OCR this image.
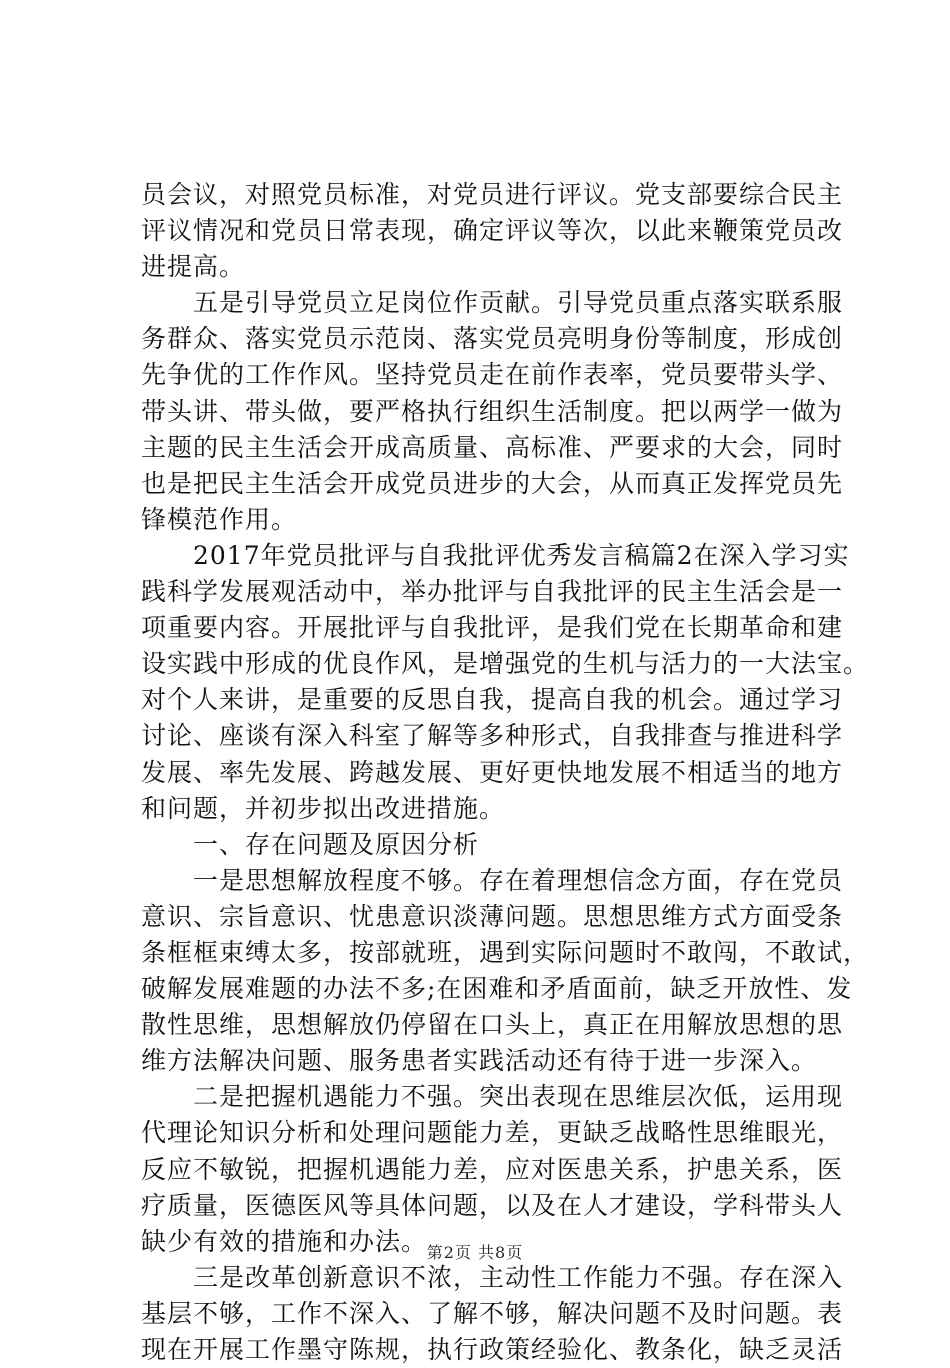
员会议，对照党员标准，对党员进行评议。党支部要综合民主
评议情况和党员日常表现，确定评议等次，以此来鞭策党员改
进提高。
　　五是引导党员立足岗位作贡献。引导党员重点落实联系服
务群众、落实党员示范岗、落实党员亮明身份等制度，形成创
先争优的工作作风。坚持党员走在前作表率，党员要带头学、
带头讲、带头做，要严格执行组织生活制度。把以两学一做为
主题的民主生活会开成高质量、高标准、严要求的大会，同时
也是把民主生活会开成党员进步的大会，从而真正发挥党员先
锋模范作用。
　　2017年党员批评与自我批评优秀发言稿篇2在深入学习实
践科学发展观活动中，举办批评与自我批评的民主生活会是一
项重要内容。开展批评与自我批评，是我们党在长期革命和建
设实践中形成的优良作风，是增强党的生机与活力的一大法宝。
对个人来讲，是重要的反思自我，提高自我的机会。通过学习
讨论、座谈有深入科室了解等多种形式，自我排查与推进科学
发展、率先发展、跨越发展、更好更快地发展不相适当的地方
和问题，并初步拟出改进措施。
　　一、存在问题及原因分析
　　一是思想解放程度不够。存在着理想信念方面，存在党员
意识、宗旨意识、忧患意识淡薄问题。思想思维方式方面受条
条框框束缚太多，按部就班，遇到实际问题时不敢闯，不敢试，
破解发展难题的办法不多;在困难和矛盾面前，缺乏开放性、发
散性思维，思想解放仍停留在口头上，真正在用解放思想的思
维方法解决问题、服务患者实践活动还有待于进一步深入。
　　二是把握机遇能力不强。突出表现在思维层次低，运用现
代理论知识分析和处理问题能力差，更缺乏战略性思维眼光，
反应不敏锐，把握机遇能力差，应对医患关系，护患关系，医
疗质量，医德医风等具体问题，以及在人才建设，学科带头人
缺少有效的措施和办法。
　　三是改革创新意识不浓，主动性工作能力不强。存在深入
基层不够，工作不深入、了解不够，解决问题不及时问题。表
现在开展工作墨守陈规，执行政策经验化、教条化，缺乏灵活
第2页 共8页
